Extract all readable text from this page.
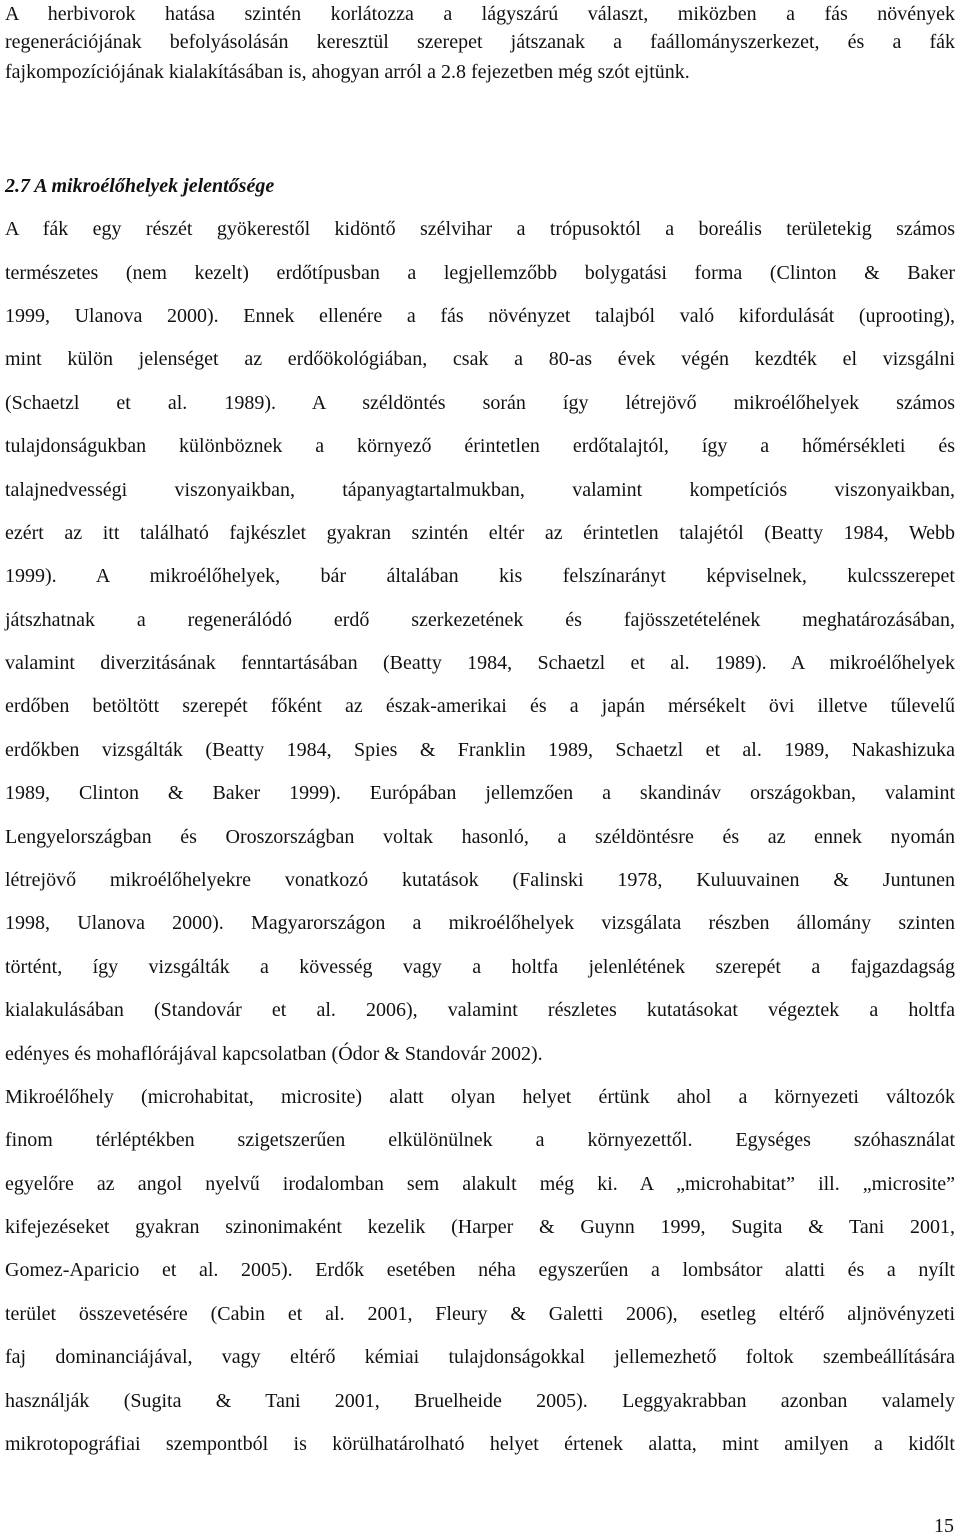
A herbivorok hatása szintén korlátozza a lágyszárú választ, miközben a fás növények
regenerációjának befolyásolásán keresztül szerepet játszanak a faállományszerkezet, és a fák
fajkompozíciójának kialakításában is, ahogyan arról a 2.8 fejezetben még szót ejtünk.
2.7 A mikroélőhelyek jelentősége
A fák egy részét gyökerestől kidöntő szélvihar a trópusoktól a boreális területekig számos
természetes (nem kezelt) erdőtípusban a legjellemzőbb bolygatási forma (Clinton & Baker
1999, Ulanova 2000). Ennek ellenére a fás növényzet talajból való kifordulását (uprooting),
mint külön jelenséget az erdőökológiában, csak a 80-as évek végén kezdték el vizsgálni
(Schaetzl et al. 1989). A széldöntés során így létrejövő mikroélőhelyek számos
tulajdonságukban különböznek a környező érintetlen erdőtalajtól, így a hőmérsékleti és
talajnedvességi viszonyaikban, tápanyagtartalmukban, valamint kompetíciós viszonyaikban,
ezért az itt található fajkészlet gyakran szintén eltér az érintetlen talajétól (Beatty 1984, Webb
1999). A mikroélőhelyek, bár általában kis felszínarányt képviselnek, kulcsszerepet
játszhatnak a regenerálódó erdő szerkezetének és fajösszetételének meghatározásában,
valamint diverzitásának fenntartásában (Beatty 1984, Schaetzl et al. 1989). A mikroélőhelyek
erdőben betöltött szerepét főként az észak-amerikai és a japán mérsékelt övi illetve tűlevelű
erdőkben vizsgálták (Beatty 1984, Spies & Franklin 1989, Schaetzl et al. 1989, Nakashizuka
1989, Clinton & Baker 1999). Európában jellemzően a skandináv országokban, valamint
Lengyelországban és Oroszországban voltak hasonló, a széldöntésre és az ennek nyomán
létrejövő mikroélőhelyekre vonatkozó kutatások (Falinski 1978, Kuluuvainen & Juntunen
1998, Ulanova 2000). Magyarországon a mikroélőhelyek vizsgálata részben állomány szinten
történt, így vizsgálták a kövesség vagy a holtfa jelenlétének szerepét a fajgazdagság
kialakulásában (Standovár et al. 2006), valamint részletes kutatásokat végeztek a holtfa
edényes és mohaflórájával kapcsolatban (Ódor & Standovár 2002).
Mikroélőhely (microhabitat, microsite) alatt olyan helyet értünk ahol a környezeti változók
finom térléptékben szigetszerűen elkülönülnek a környezettől. Egységes szóhasználat
egyelőre az angol nyelvű irodalomban sem alakult még ki. A „microhabitat” ill. „microsite”
kifejezéseket gyakran szinonimaként kezelik (Harper & Guynn 1999, Sugita & Tani 2001,
Gomez-Aparicio et al. 2005). Erdők esetében néha egyszerűen a lombsátor alatti és a nyílt
terület összevetésére (Cabin et al. 2001, Fleury & Galetti 2006), esetleg eltérő aljnövényzeti
faj dominanciájával, vagy eltérő kémiai tulajdonságokkal jellemezhető foltok szembeállítására
használják (Sugita & Tani 2001, Bruelheide 2005). Leggyakrabban azonban valamely
mikrotopográfiai szempontból is körülhatárolható helyet értenek alatta, mint amilyen a kidőlt
15
